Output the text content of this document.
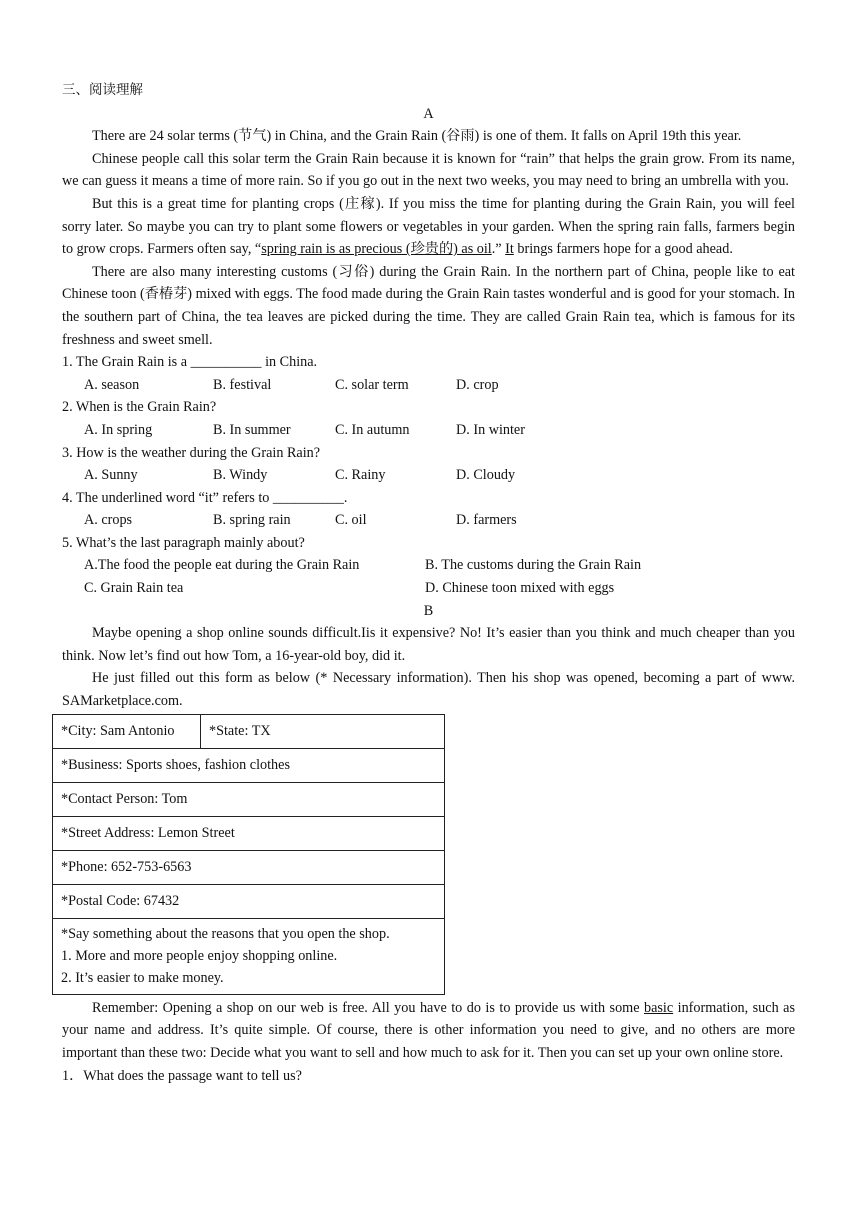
三、阅读理解
A

There are 24 solar terms (节气) in China, and the Grain Rain (谷雨) is one of them. It falls on April 19th this year.

Chinese people call this solar term the Grain Rain because it is known for “rain” that helps the grain grow. From its name, we can guess it means a time of more rain. So if you go out in the next two weeks, you may need to bring an umbrella with you.

But this is a great time for planting crops (庄稼). If you miss the time for planting during the Grain Rain, you will feel sorry later. So maybe you can try to plant some flowers or vegetables in your garden. When the spring rain falls, farmers begin to grow crops. Farmers often say, “spring rain is as precious (珍贵的) as oil.” It brings farmers hope for a good ahead.

There are also many interesting customs (习俗) during the Grain Rain. In the northern part of China, people like to eat Chinese toon (香椿芽) mixed with eggs. The food made during the Grain Rain tastes wonderful and is good for your stomach. In the southern part of China, the tea leaves are picked during the time. They are called Grain Rain tea, which is famous for its freshness and sweet smell.

1. The Grain Rain is a __________ in China.

A. season	B. festival	C. solar term	D. crop

2. When is the Grain Rain?

A. In spring	B. In summer	C. In autumn	D. In winter

3. How is the weather during the Grain Rain?

A. Sunny	B. Windy	C. Rainy	D. Cloudy

4. The underlined word “it” refers to __________.

A. crops	B. spring rain	C. oil	D. farmers

5. What’s the last paragraph mainly about?

A.The food the people eat during the Grain Rain	B. The customs during the Grain Rain
C. Grain Rain tea	D. Chinese toon mixed with eggs
B

Maybe opening a shop online sounds difficult.Iis it expensive? No! It’s easier than you think and much cheaper than you think. Now let’s find out how Tom, a 16-year-old boy, did it.

He just filled out this form as below (* Necessary information). Then his shop was opened, becoming a part of www. SAMarketplace.com.

*City: Sam Antonio	*State: TX
*Business: Sports shoes, fashion clothes
*Contact Person: Tom
*Street Address: Lemon Street
*Phone: 652-753-6563
*Postal Code: 67432

*Say something about the reasons that you open the shop.
1. More and more people enjoy shopping online.
2. It’s easier to make money.

Remember: Opening a shop on our web is free. All you have to do is to provide us with some basic information, such as your name and address. It’s quite simple. Of course, there is other information you need to give, and no others are more important than these two: Decide what you want to sell and how much to ask for it. Then you can set up your own online store.

1．What does the passage want to tell us?
